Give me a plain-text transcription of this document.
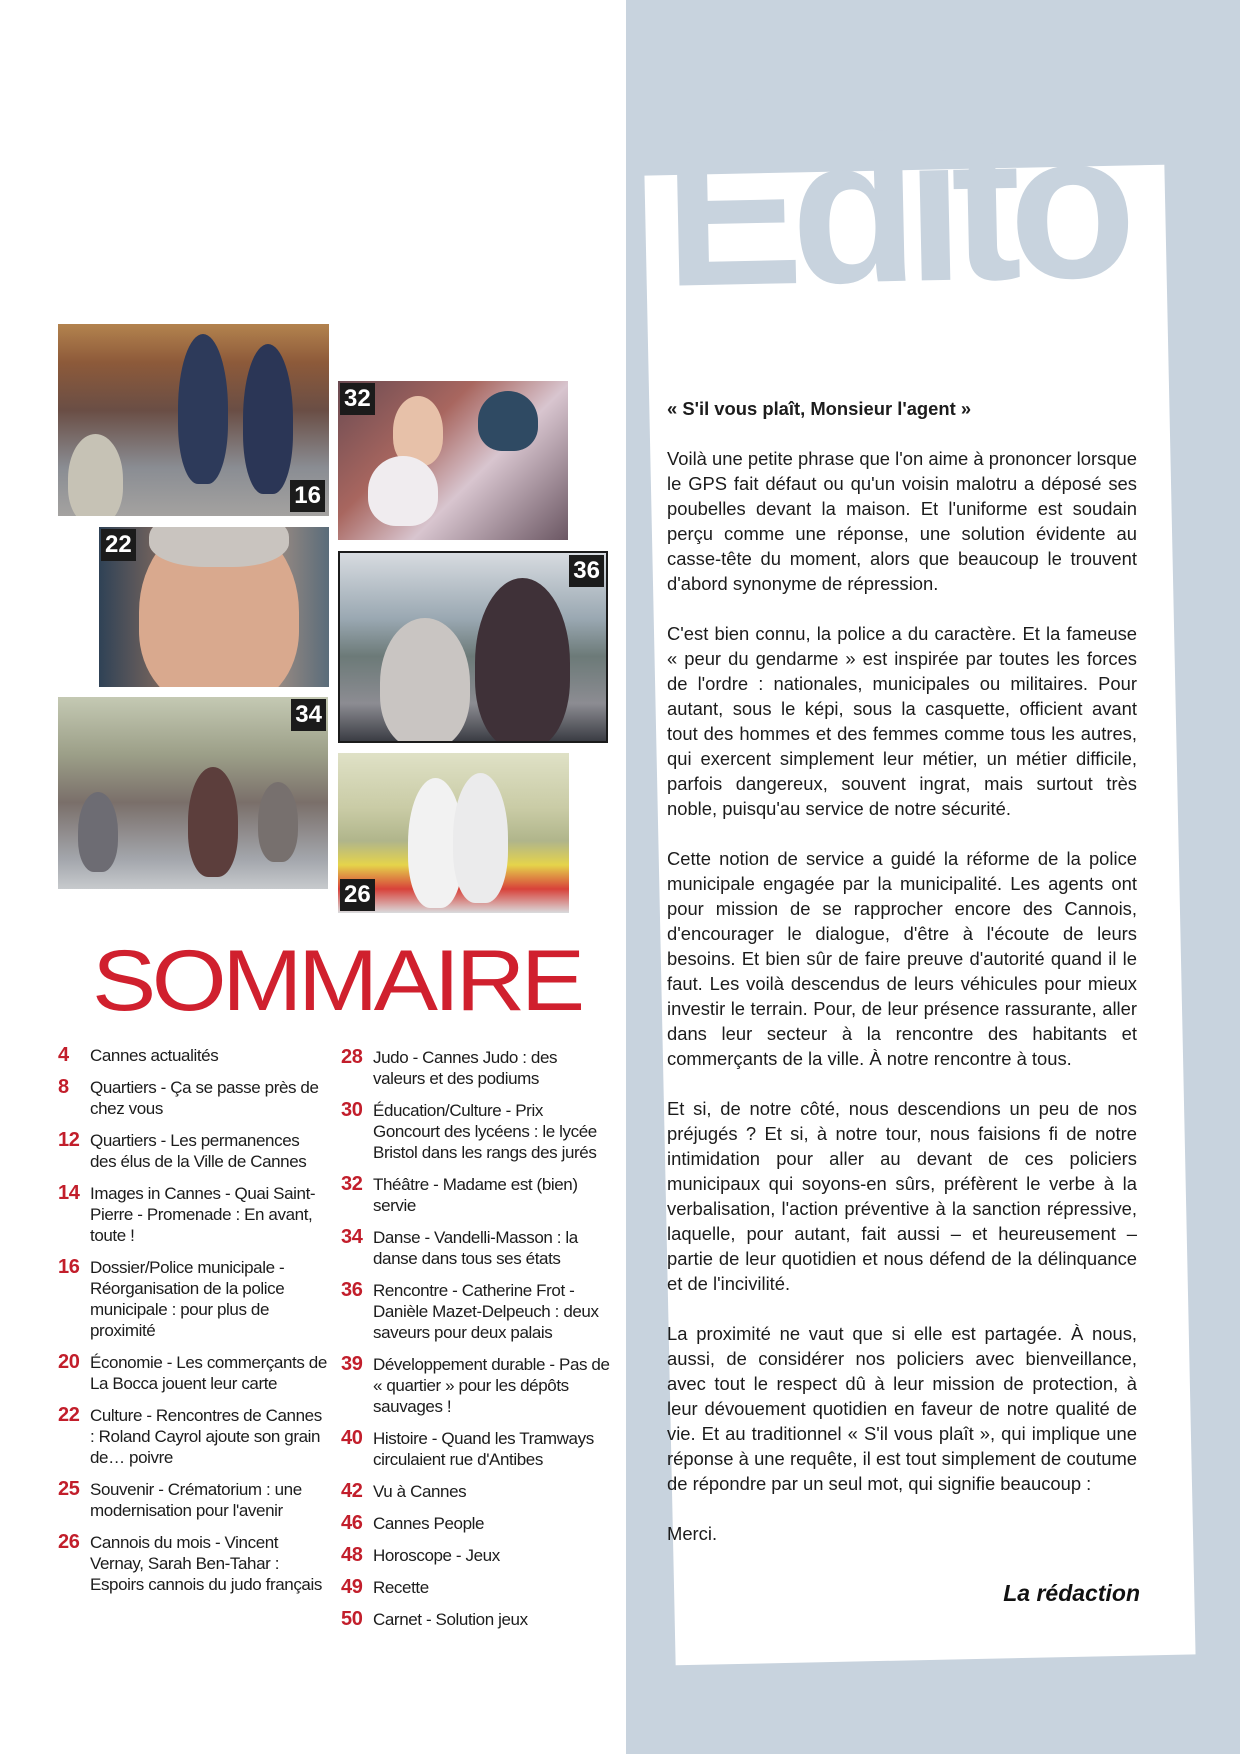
Édito

« S'il vous plaît, Monsieur l'agent »

Voilà une petite phrase que l'on aime à prononcer lorsque le GPS fait défaut ou qu'un voisin malotru a déposé ses poubelles devant la maison. Et l'uniforme est soudain perçu comme une réponse, une solution évidente au casse-tête du moment, alors que beaucoup le trouvent d'abord synonyme de répression.

C'est bien connu, la police a du caractère. Et la fameuse « peur du gendarme » est inspirée par toutes les forces de l'ordre : nationales, municipales ou militaires. Pour autant, sous le képi, sous la casquette, officient avant tout des hommes et des femmes comme tous les autres, qui exercent simplement leur métier, un métier difficile, parfois dangereux, souvent ingrat, mais surtout très noble, puisqu'au service de notre sécurité.

Cette notion de service a guidé la réforme de la police municipale engagée par la municipalité. Les agents ont pour mission de se rapprocher encore des Cannois, d'encourager le dialogue, d'être à l'écoute de leurs besoins. Et bien sûr de faire preuve d'autorité quand il le faut. Les voilà descendus de leurs véhicules pour mieux investir le terrain. Pour, de leur présence rassurante, aller dans leur secteur à la rencontre des habitants et commerçants de la ville. À notre rencontre à tous.

Et si, de notre côté, nous descendions un peu de nos préjugés ? Et si, à notre tour, nous faisions fi de notre intimidation pour aller au devant de ces policiers municipaux qui soyons-en sûrs, préfèrent le verbe à la verbalisation, l'action préventive à la sanction répressive, laquelle, pour autant, fait aussi – et heureusement – partie de leur quotidien et nous défend de la délinquance et de l'incivilité.

La proximité ne vaut que si elle est partagée. À nous, aussi, de considérer nos policiers avec bienveillance, avec tout le respect dû à leur mission de protection, à leur dévouement quotidien en faveur de notre qualité de vie. Et au traditionnel « S'il vous plaît », qui implique une réponse à une requête, il est tout simplement de coutume de répondre par un seul mot, qui signifie beaucoup :

Merci.

La rédaction
16
32
22
36
34
26
SOMMAIRE
4	Cannes actualités
8	Quartiers - Ça se passe près de chez vous
12 Quartiers - Les permanences des élus de la Ville de Cannes
14 Images in Cannes - Quai Saint-Pierre - Promenade : En avant, toute !
16 Dossier/Police municipale - Réorganisation de la police municipale : pour plus de proximité
20 Économie - Les commerçants de La Bocca jouent leur carte
22 Culture - Rencontres de Cannes : Roland Cayrol ajoute son grain de… poivre
25 Souvenir - Crématorium : une modernisation pour l'avenir
26 Cannois du mois - Vincent Vernay, Sarah Ben-Tahar : Espoirs cannois du judo français
28 Judo - Cannes Judo : des valeurs et des podiums
30 Éducation/Culture - Prix Goncourt des lycéens : le lycée Bristol dans les rangs des jurés
32 Théâtre - Madame est (bien) servie
34 Danse - Vandelli-Masson : la danse dans tous ses états
36 Rencontre - Catherine Frot - Danièle Mazet-Delpeuch : deux saveurs pour deux palais
39 Développement durable - Pas de « quartier » pour les dépôts sauvages !
40 Histoire - Quand les Tramways circulaient rue d'Antibes
42 Vu à Cannes
46 Cannes People
48 Horoscope - Jeux
49 Recette
50 Carnet - Solution jeux
